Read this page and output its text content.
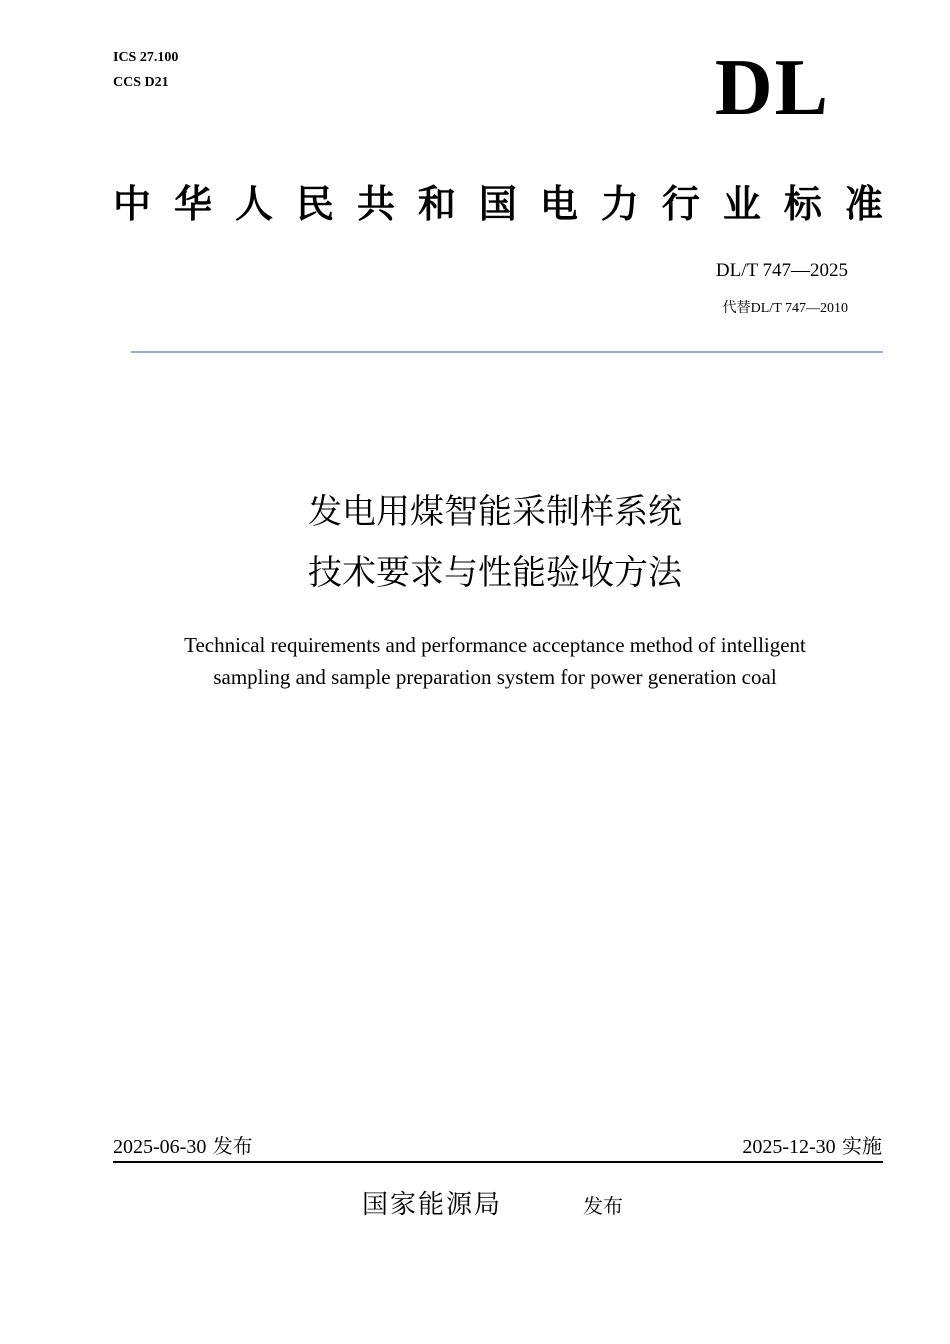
ICS 27.100
CCS D21	DL
中 华 人 民 共 和 国 电 力 行 业 标 准
DL/T 747—2025
代替DL/T 747—2010
发电用煤智能采制样系统
技术要求与性能验收方法
Technical requirements and performance acceptance method of intelligent
sampling and sample preparation system for power generation coal
2025-06-30 发布	2025-12-30 实施
国家能源局	发布
